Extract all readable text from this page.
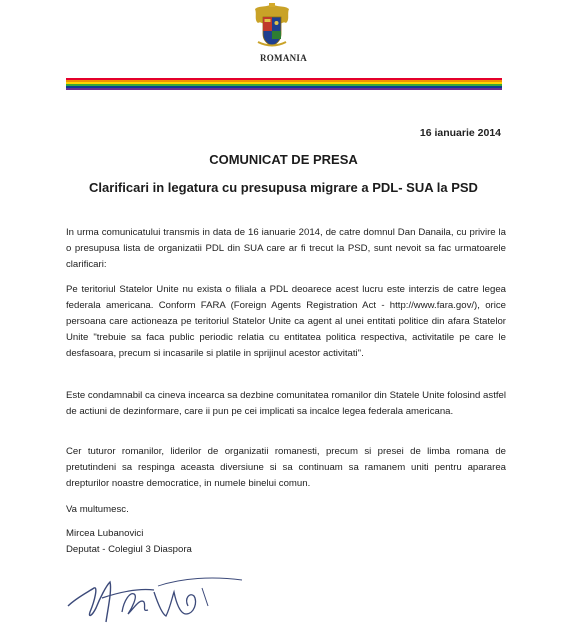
ROMANIA
16 ianuarie 2014
COMUNICAT DE PRESA
Clarificari in legatura cu presupusa migrare a PDL- SUA la PSD
In urma comunicatului transmis in data de 16 ianuarie 2014, de catre domnul Dan Danaila, cu privire la o presupusa lista de organizatii PDL din SUA care ar fi trecut la PSD, sunt nevoit sa fac urmatoarele clarificari:
Pe teritoriul Statelor Unite nu exista o filiala a PDL deoarece acest lucru este interzis de catre legea federala americana. Conform FARA (Foreign Agents Registration Act - http://www.fara.gov/), orice persoana care actioneaza pe teritoriul Statelor Unite ca agent al unei entitati politice din afara Statelor Unite "trebuie sa faca public periodic relatia cu entitatea politica respectiva, activitatile pe care le desfasoara, precum si incasarile si platile in sprijinul acestor activitati".
Este condamnabil ca cineva incearca sa dezbine comunitatea romanilor din Statele Unite folosind astfel de actiuni de dezinformare, care ii pun pe cei implicati sa incalce legea federala americana.
Cer tuturor romanilor, liderilor de organizatii romanesti, precum si presei de limba romana de pretutindeni sa respinga aceasta diversiune si sa continuam sa ramanem uniti pentru apararea drepturilor noastre democratice, in numele binelui comun.
Va multumesc.
Mircea Lubanovici
Deputat - Colegiul 3 Diaspora
